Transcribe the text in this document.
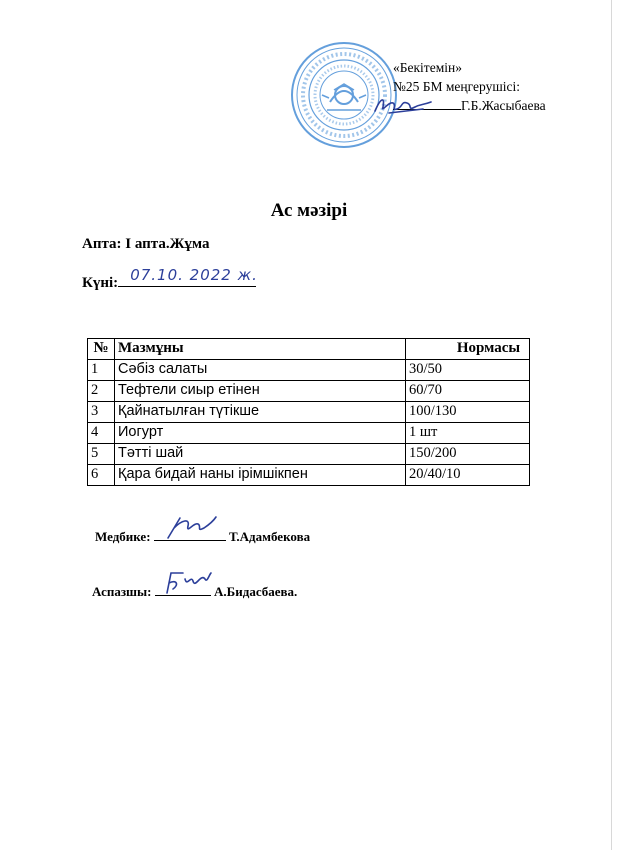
«Бекітемін»
№25 БМ меңгерушісі:
Г.Б.Жасыбаева
Ас мәзірі
Апта: І апта.Жұма
Күні: 07.10. 2022 ж.
№	Мазмұны	Нормасы
1	Сәбіз салаты	30/50
2	Тефтели сиыр етінен	60/70
3	Қайнатылған түтікше	100/130
4	Иогурт	1 шт
5	Тәтті шай	150/200
6	Қара бидай наны ірімшікпен	20/40/10
Медбике:	Т.Адамбекова
Аспазшы:	А.Бидасбаева.
